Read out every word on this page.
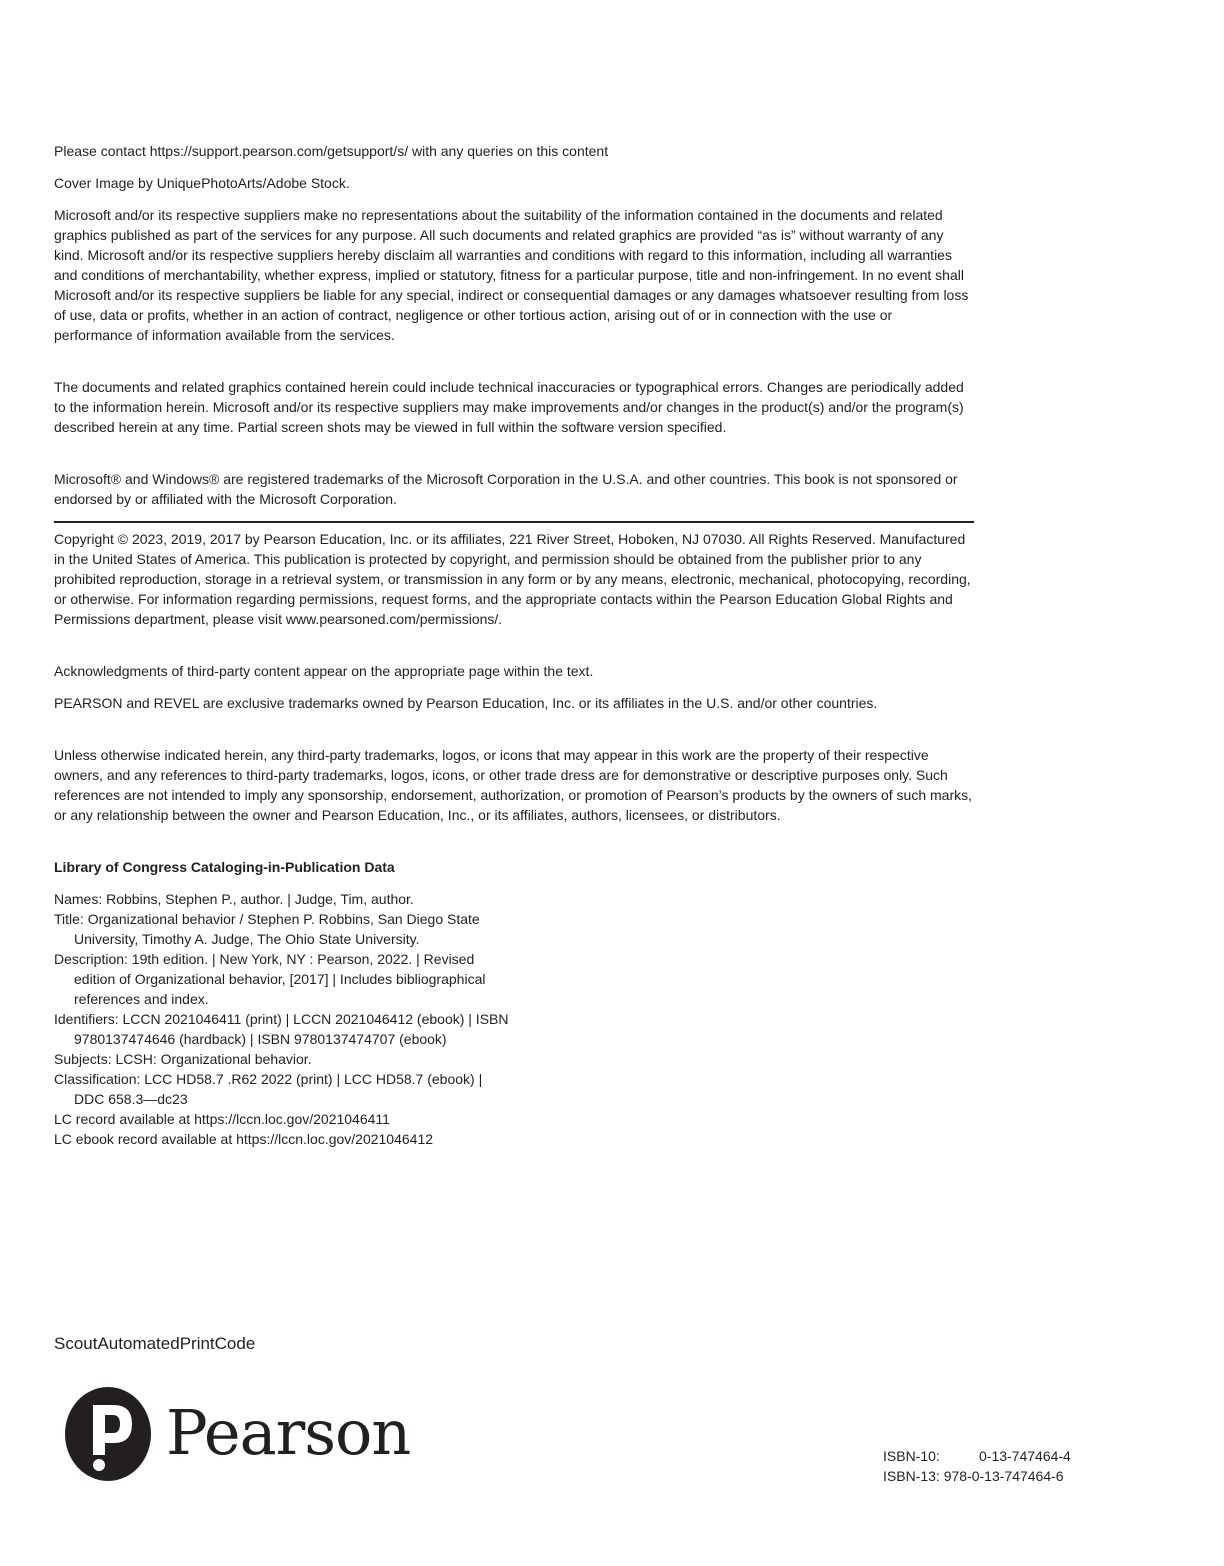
Please contact https://support.pearson.com/getsupport/s/ with any queries on this content

Cover Image by UniquePhotoArts/Adobe Stock.

Microsoft and/or its respective suppliers make no representations about the suitability of the information contained in the documents and related graphics published as part of the services for any purpose. All such documents and related graphics are provided “as is” without warranty of any kind. Microsoft and/or its respective suppliers hereby disclaim all warranties and conditions with regard to this information, including all warranties and conditions of merchantability, whether express, implied or statutory, fitness for a particular purpose, title and non-infringement. In no event shall Microsoft and/or its respective suppliers be liable for any special, indirect or consequential damages or any damages whatsoever resulting from loss of use, data or profits, whether in an action of contract, negligence or other tortious action, arising out of or in connection with the use or performance of information available from the services.

The documents and related graphics contained herein could include technical inaccuracies or typographical errors. Changes are periodically added to the information herein. Microsoft and/or its respective suppliers may make improvements and/or changes in the product(s) and/or the program(s) described herein at any time. Partial screen shots may be viewed in full within the software version specified.

Microsoft® and Windows® are registered trademarks of the Microsoft Corporation in the U.S.A. and other countries. This book is not sponsored or endorsed by or affiliated with the Microsoft Corporation.

Copyright © 2023, 2019, 2017 by Pearson Education, Inc. or its affiliates, 221 River Street, Hoboken, NJ 07030. All Rights Reserved. Manufactured in the United States of America. This publication is protected by copyright, and permission should be obtained from the publisher prior to any prohibited reproduction, storage in a retrieval system, or transmission in any form or by any means, electronic, mechanical, photocopying, recording, or otherwise. For information regarding permissions, request forms, and the appropriate contacts within the Pearson Education Global Rights and Permissions department, please visit www.pearsoned.com/permissions/.

Acknowledgments of third-party content appear on the appropriate page within the text.

PEARSON and REVEL are exclusive trademarks owned by Pearson Education, Inc. or its affiliates in the U.S. and/or other countries.

Unless otherwise indicated herein, any third-party trademarks, logos, or icons that may appear in this work are the property of their respective owners, and any references to third-party trademarks, logos, icons, or other trade dress are for demonstrative or descriptive purposes only. Such references are not intended to imply any sponsorship, endorsement, authorization, or promotion of Pearson’s products by the owners of such marks, or any relationship between the owner and Pearson Education, Inc., or its affiliates, authors, licensees, or distributors.

Library of Congress Cataloging-in-Publication Data
Names: Robbins, Stephen P., author. | Judge, Tim, author.
Title: Organizational behavior / Stephen P. Robbins, San Diego State
University, Timothy A. Judge, The Ohio State University.
Description: 19th edition. | New York, NY : Pearson, 2022. | Revised
edition of Organizational behavior, [2017] | Includes bibliographical
references and index.
Identifiers: LCCN 2021046411 (print) | LCCN 2021046412 (ebook) | ISBN
9780137474646 (hardback) | ISBN 9780137474707 (ebook)
Subjects: LCSH: Organizational behavior.
Classification: LCC HD58.7 .R62 2022 (print) | LCC HD58.7 (ebook) |
DDC 658.3—dc23
LC record available at https://lccn.loc.gov/2021046411
LC ebook record available at https://lccn.loc.gov/2021046412
ScoutAutomatedPrintCode
Pearson	ISBN-10:	0-13-747464-4
ISBN-13: 978-0-13-747464-6
